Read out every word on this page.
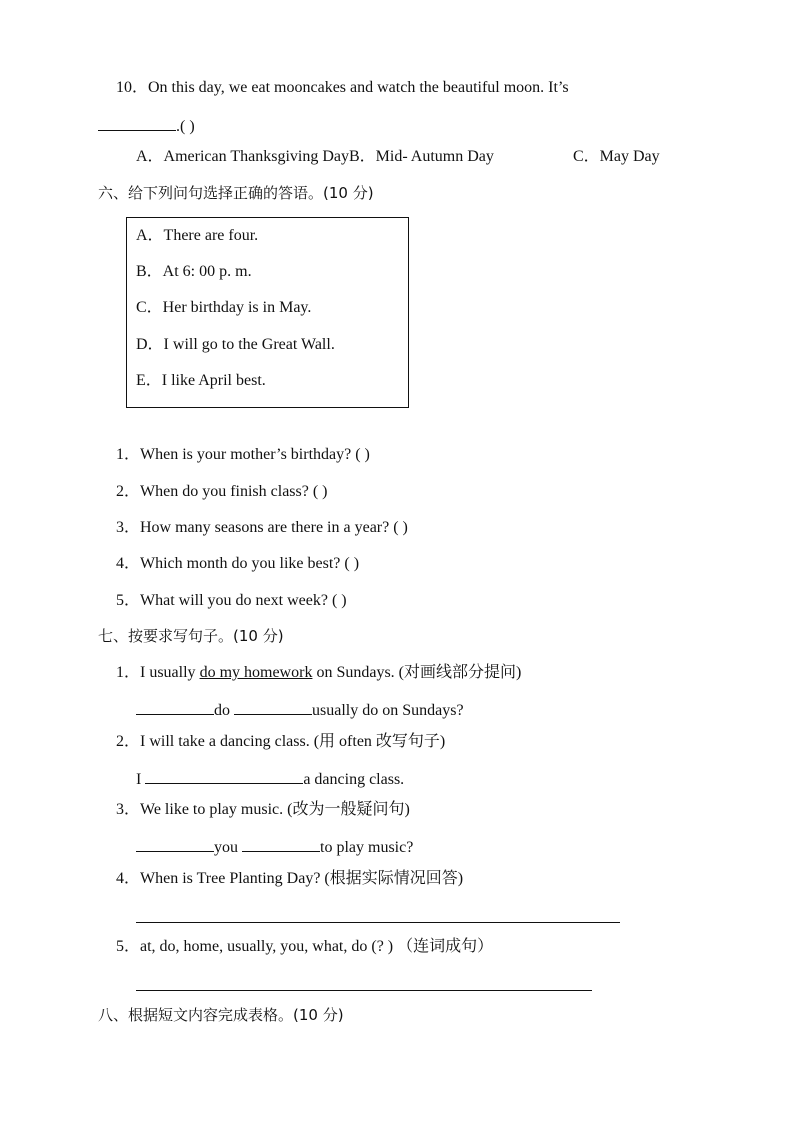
10．On this day, we eat mooncakes and watch the beautiful moon. It’s
.( )
A．American Thanksgiving DayB．Mid- Autumn Day	C．May Day
六、给下列问句选择正确的答语。(10 分)
A．There are four.
B．At 6: 00 p. m.
C．Her birthday is in May.
D．I will go to the Great Wall.
E．I like April best.
1．When is your mother’s birthday? ( )
2．When do you finish class? ( )
3．How many seasons are there in a year? ( )
4．Which month do you like best? ( )
5．What will you do next week? ( )
七、按要求写句子。(10 分)
1．I usually do my homework on Sundays. (对画线部分提问)
do	usually do on Sundays?
2．I will take a dancing class. (用 often 改写句子)
I	a dancing class.
3．We like to play music. (改为一般疑问句)
you	to play music?
4．When is Tree Planting Day? (根据实际情况回答)
5．at, do, home, usually, you, what, do (? ) （连词成句）
八、根据短文内容完成表格。(10 分)
